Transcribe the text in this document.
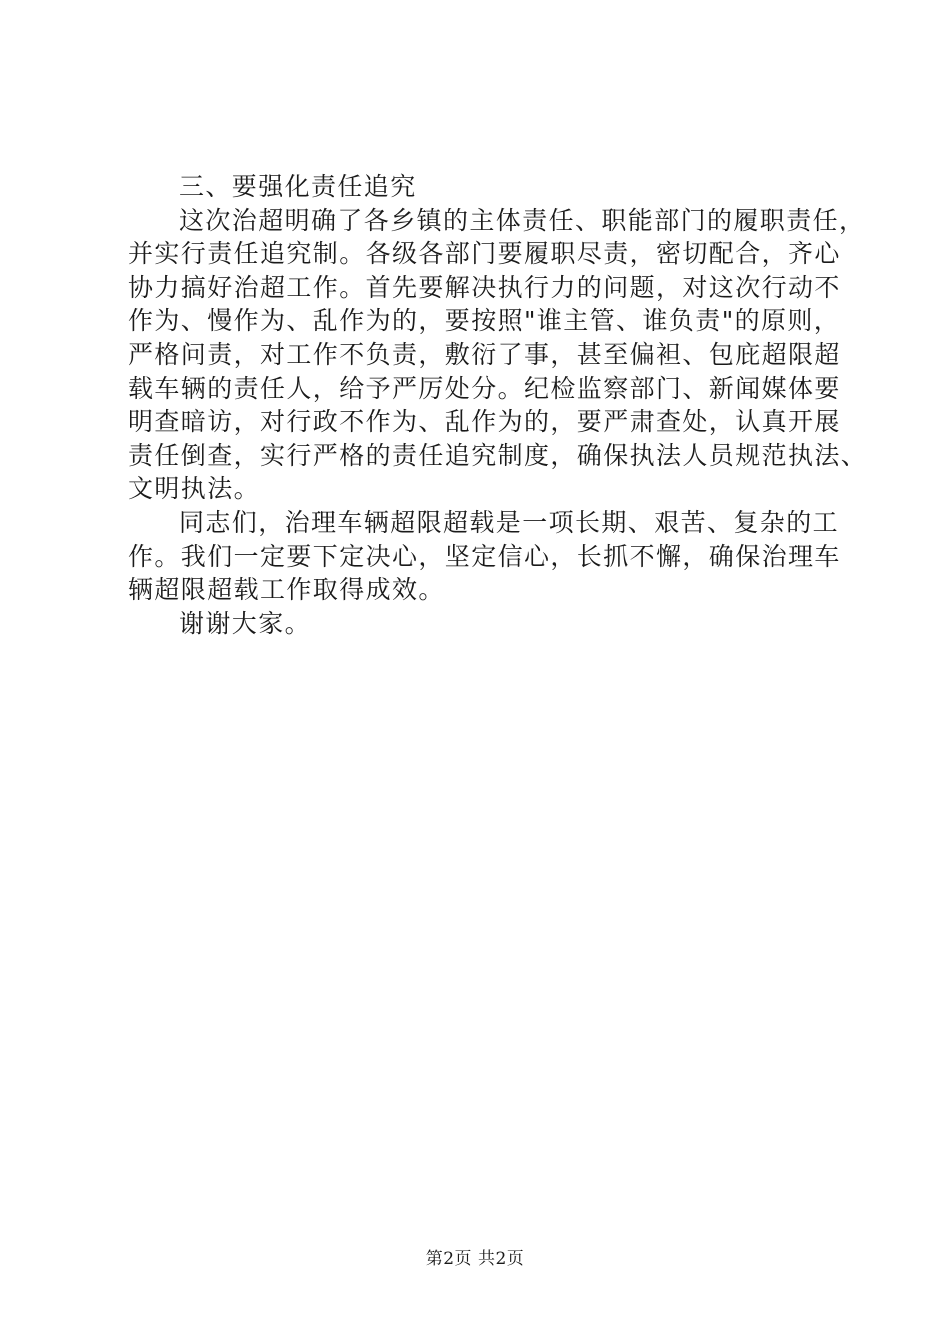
三、要强化责任追究
这次治超明确了各乡镇的主体责任、职能部门的履职责任，
并实行责任追究制。各级各部门要履职尽责，密切配合，齐心
协力搞好治超工作。首先要解决执行力的问题，对这次行动不
作为、慢作为、乱作为的，要按照"谁主管、谁负责"的原则，
严格问责，对工作不负责，敷衍了事，甚至偏袒、包庇超限超
载车辆的责任人，给予严厉处分。纪检监察部门、新闻媒体要
明查暗访，对行政不作为、乱作为的，要严肃查处，认真开展
责任倒查，实行严格的责任追究制度，确保执法人员规范执法、
文明执法。
同志们，治理车辆超限超载是一项长期、艰苦、复杂的工
作。我们一定要下定决心，坚定信心，长抓不懈，确保治理车
辆超限超载工作取得成效。
谢谢大家。
第2页 共2页
